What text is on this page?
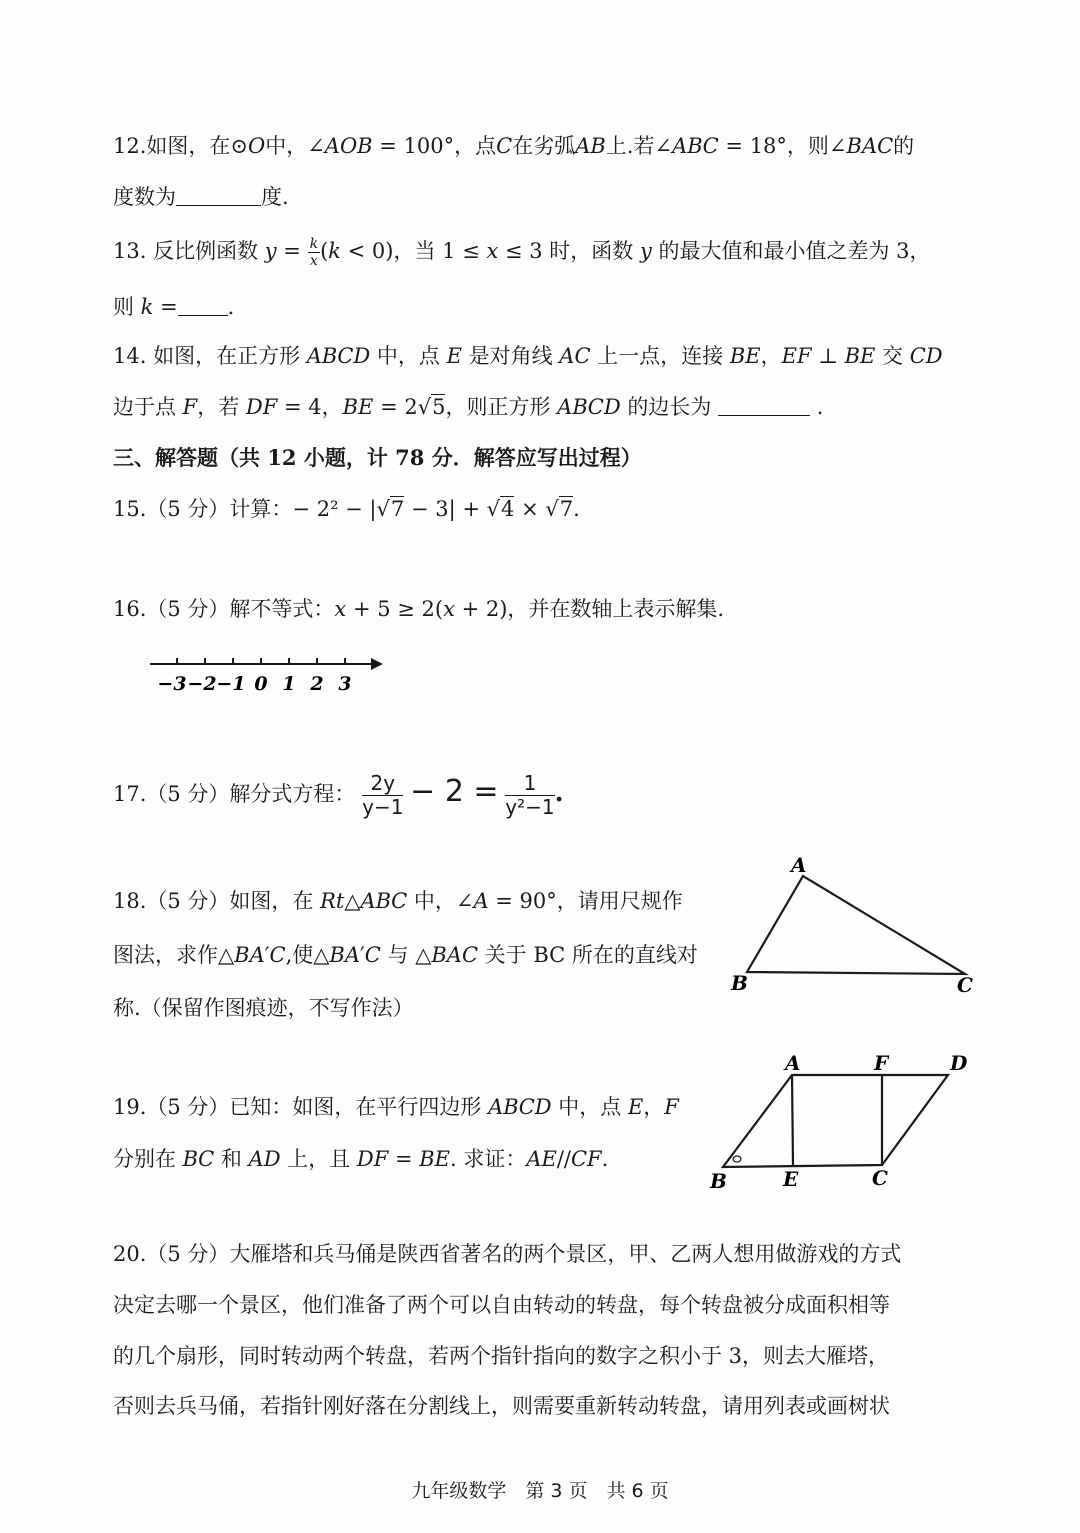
12.如图，在⊙𝑂中，∠𝐴𝑂𝐵 = 100°，点𝐶在劣弧𝐴𝐵上.若∠𝐴𝐵𝐶 = 18°，则∠𝐵𝐴𝐶的
度数为	度.
13. 反比例函数 𝑦 = $\frac{\text{𝑘}}{\text{𝑥}}$ (𝑘 < 0)，当 1 ≤ 𝑥 ≤ 3 时，函数 𝑦 的最大值和最小值之差为 3，
则 𝑘 = .
14. 如图，在正方形 𝐴𝐵𝐶𝐷 中，点 𝐸 是对角线 𝐴𝐶 上一点，连接 𝐵𝐸，𝐸𝐹 ⊥ 𝐵𝐸 交 𝐶𝐷
边于点 𝐹，若 𝐷𝐹 = 4，𝐵𝐸 = 2√5，则正方形 𝐴𝐵𝐶𝐷 的边长为	.
三、解答题（共 12 小题，计 78 分．解答应写出过程）
15.（5 分）计算：− 2² − |√7 − 3| + √4 × √7.
16.（5 分）解不等式：𝑥 + 5 ≥ 2(𝑥 + 2)，并在数轴上表示解集.
−3 −2 −1 0 1 2 3
17.（5 分）解分式方程： $\frac{2y}{y-1} - 2 = \frac{1}{\text{y²−1}}$ .
18.（5 分）如图，在 𝑅𝑡△𝐴𝐵𝐶 中，∠𝐴 = 90°，请用尺规作
图法，求作△𝐵𝐴′𝐶,使△𝐵𝐴′𝐶 与 △𝐵𝐴𝐶 关于 BC 所在的直线对
称.（保留作图痕迹，不写作法）
A
B	C
19.（5 分）已知：如图，在平行四边形 𝐴𝐵𝐶𝐷 中，点 𝐸，𝐹
分别在 𝐵𝐶 和 𝐴𝐷 上，且 𝐷𝐹 = 𝐵𝐸. 求证：𝐴𝐸//𝐶𝐹.
A	F	D
B	E	C
20.（5 分）大雁塔和兵马俑是陕西省著名的两个景区，甲、乙两人想用做游戏的方式
决定去哪一个景区，他们准备了两个可以自由转动的转盘，每个转盘被分成面积相等
的几个扇形，同时转动两个转盘，若两个指针指向的数字之积小于 3，则去大雁塔，
否则去兵马俑，若指针刚好落在分割线上，则需要重新转动转盘，请用列表或画树状
九年级数学　第 3 页　共 6 页
